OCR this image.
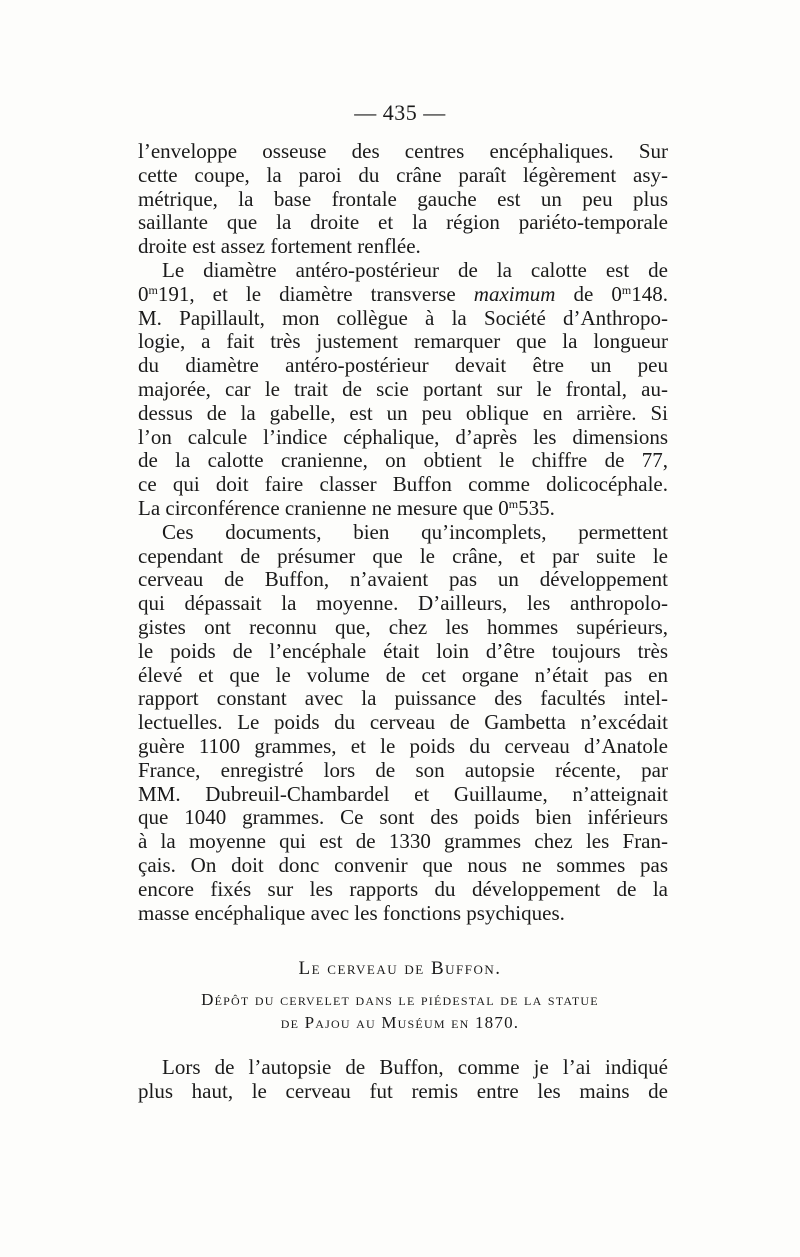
— 435 —
l’enveloppe osseuse des centres encéphaliques. Sur
cette coupe, la paroi du crâne paraît légèrement asy-
métrique, la base frontale gauche est un peu plus
saillante que la droite et la région pariéto-temporale
droite est assez fortement renflée.
Le diamètre antéro-postérieur de la calotte est de
0$^m$191, et le diamètre transverse maximum de 0$^m$148.
M. Papillault, mon collègue à la Société d’Anthropo-
logie, a fait très justement remarquer que la longueur
du diamètre antéro-postérieur devait être un peu
majorée, car le trait de scie portant sur le frontal, au-
dessus de la gabelle, est un peu oblique en arrière. Si
l’on calcule l’indice céphalique, d’après les dimensions
de la calotte cranienne, on obtient le chiffre de 77,
ce qui doit faire classer Buffon comme dolicocéphale.
La circonférence cranienne ne mesure que 0$^m$535.
Ces documents, bien qu’incomplets, permettent
cependant de présumer que le crâne, et par suite le
cerveau de Buffon, n’avaient pas un développement
qui dépassait la moyenne. D’ailleurs, les anthropolo-
gistes ont reconnu que, chez les hommes supérieurs,
le poids de l’encéphale était loin d’être toujours très
élevé et que le volume de cet organe n’était pas en
rapport constant avec la puissance des facultés intel-
lectuelles. Le poids du cerveau de Gambetta n’excédait
guère 1100 grammes, et le poids du cerveau d’Anatole
France, enregistré lors de son autopsie récente, par
MM. Dubreuil-Chambardel et Guillaume, n’atteignait
que 1040 grammes. Ce sont des poids bien inférieurs
à la moyenne qui est de 1330 grammes chez les Fran-
çais. On doit donc convenir que nous ne sommes pas
encore fixés sur les rapports du développement de la
masse encéphalique avec les fonctions psychiques.
Le cerveau de Buffon.
Dépôt du cervelet dans le piédestal de la statue
de Pajou au Muséum en 1870.
Lors de l’autopsie de Buffon, comme je l’ai indiqué
plus haut, le cerveau fut remis entre les mains de
